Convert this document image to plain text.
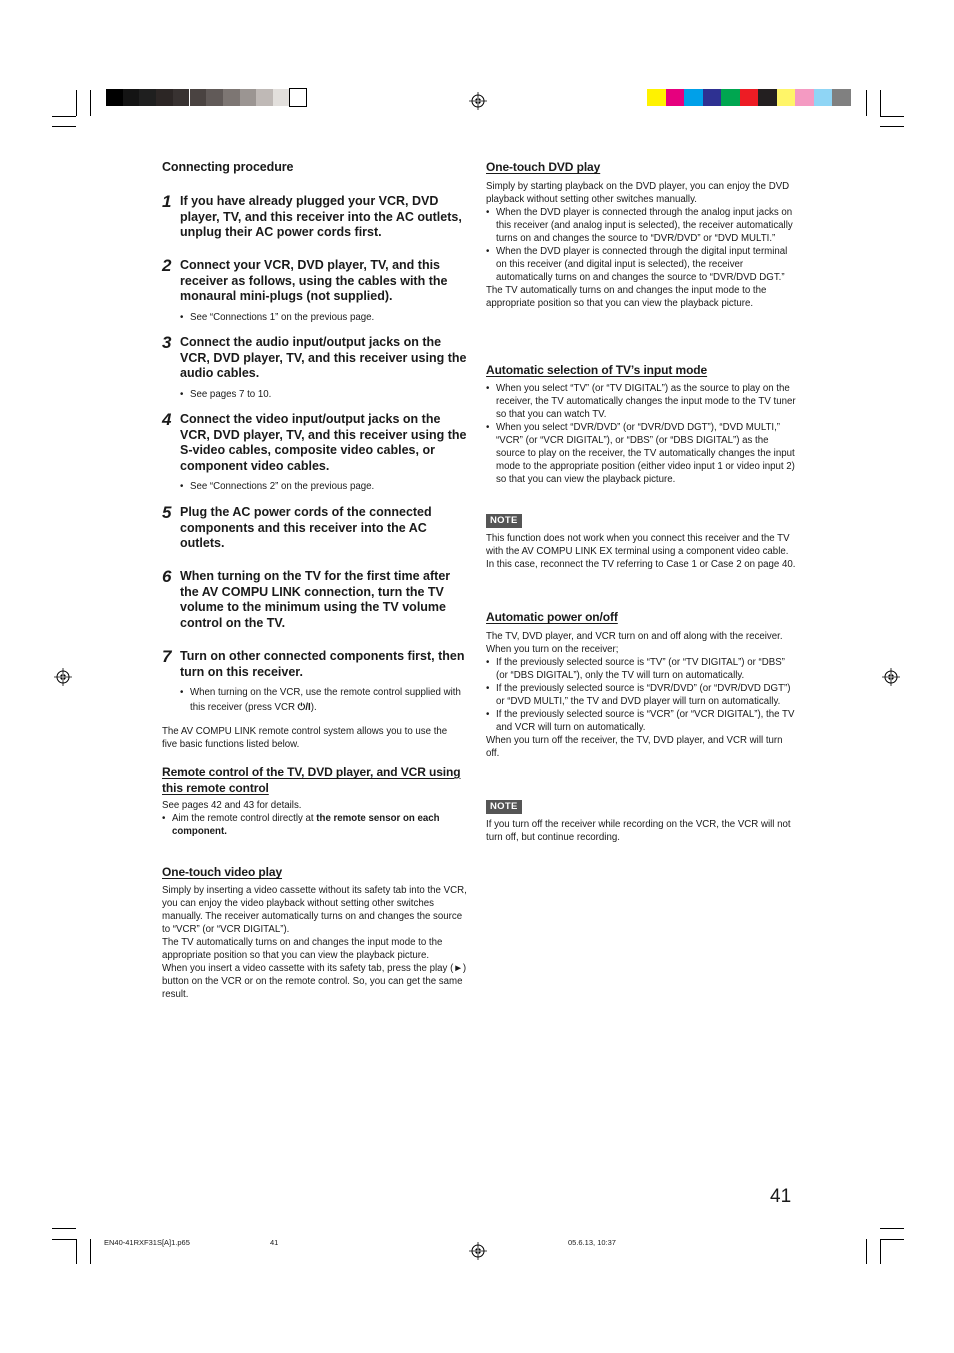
Connecting procedure
1 If you have already plugged your VCR, DVD player, TV, and this receiver into the AC outlets, unplug their AC power cords first.
2 Connect your VCR, DVD player, TV, and this receiver as follows, using the cables with the monaural mini-plugs (not supplied).
• See “Connections 1” on the previous page.
3 Connect the audio input/output jacks on the VCR, DVD player, TV, and this receiver using the audio cables.
• See pages 7 to 10.
4 Connect the video input/output jacks on the VCR, DVD player, TV, and this receiver using the S-video cables, composite video cables, or component video cables.
• See “Connections 2” on the previous page.
5 Plug the AC power cords of the connected components and this receiver into the AC outlets.
6 When turning on the TV for the first time after the AV COMPU LINK connection, turn the TV volume to the minimum using the TV volume control on the TV.
7 Turn on other connected components first, then turn on this receiver.
• When turning on the VCR, use the remote control supplied with this receiver (press VCR ⏻/I).
The AV COMPU LINK remote control system allows you to use the five basic functions listed below.
Remote control of the TV, DVD player, and VCR using this remote control
See pages 42 and 43 for details.
• Aim the remote control directly at the remote sensor on each component.
One-touch video play
Simply by inserting a video cassette without its safety tab into the VCR, you can enjoy the video playback without setting other switches manually. The receiver automatically turns on and changes the source to “VCR” (or “VCR DIGITAL”).
The TV automatically turns on and changes the input mode to the appropriate position so that you can view the playback picture.
When you insert a video cassette with its safety tab, press the play (►) button on the VCR or on the remote control. So, you can get the same result.
One-touch DVD play
Simply by starting playback on the DVD player, you can enjoy the DVD playback without setting other switches manually.
• When the DVD player is connected through the analog input jacks on this receiver (and analog input is selected), the receiver automatically turns on and changes the source to “DVR/DVD” or “DVD MULTI.”
• When the DVD player is connected through the digital input terminal on this receiver (and digital input is selected), the receiver automatically turns on and changes the source to “DVR/DVD DGT.”
The TV automatically turns on and changes the input mode to the appropriate position so that you can view the playback picture.
Automatic selection of TV’s input mode
• When you select “TV” (or “TV DIGITAL”) as the source to play on the receiver, the TV automatically changes the input mode to the TV tuner so that you can watch TV.
• When you select “DVR/DVD” (or “DVR/DVD DGT”), “DVD MULTI,” “VCR” (or “VCR DIGITAL”), or “DBS” (or “DBS DIGITAL”) as the source to play on the receiver, the TV automatically changes the input mode to the appropriate position (either video input 1 or video input 2) so that you can view the playback picture.
NOTE
This function does not work when you connect this receiver and the TV with the AV COMPU LINK EX terminal using a component video cable. In this case, reconnect the TV referring to Case 1 or Case 2 on page 40.
Automatic power on/off
The TV, DVD player, and VCR turn on and off along with the receiver.
When you turn on the receiver;
• If the previously selected source is “TV” (or “TV DIGITAL”) or “DBS” (or “DBS DIGITAL”), only the TV will turn on automatically.
• If the previously selected source is “DVR/DVD” (or “DVR/DVD DGT”) or “DVD MULTI,” the TV and DVD player will turn on automatically.
• If the previously selected source is “VCR” (or “VCR DIGITAL”), the TV and VCR will turn on automatically.
When you turn off the receiver, the TV, DVD player, and VCR will turn off.
NOTE
If you turn off the receiver while recording on the VCR, the VCR will not turn off, but continue recording.
41
EN40-41RXF31S[A]1.p65	41	05.6.13, 10:37
